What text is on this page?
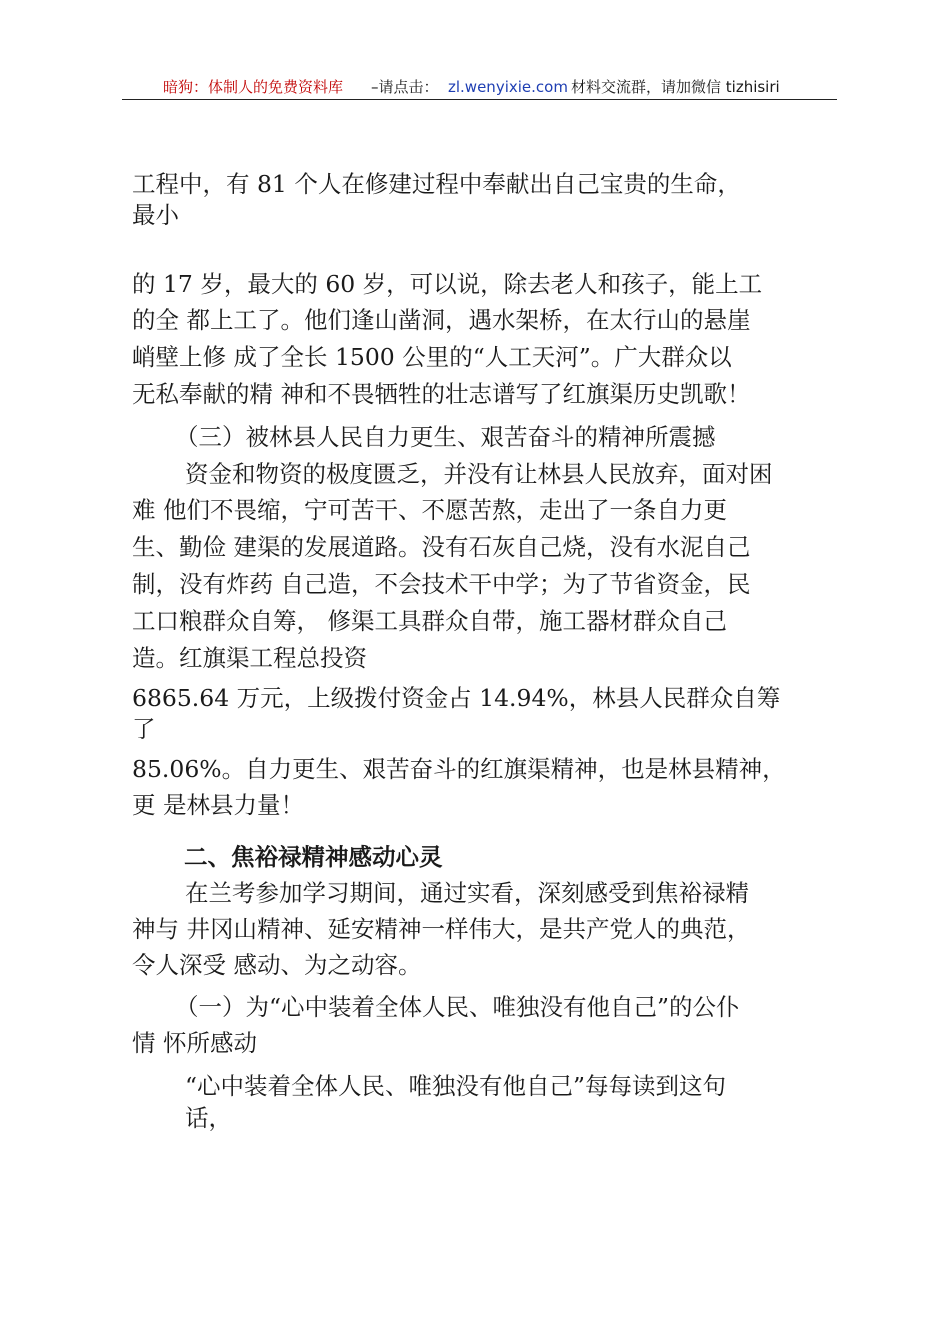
暗狗：体制人的免费资料库 –请点击： zl.wenyixie.com 材料交流群，请加微信 tizhisiri
工程中，有 81 个人在修建过程中奉献出自己宝贵的生命，
最小
的 17 岁，最大的 60 岁，可以说，除去老人和孩子，能上工
的全 都上工了。他们逢山凿洞，遇水架桥，在太行山的悬崖
峭壁上修 成了全长 1500 公里的“人工天河”。广大群众以
无私奉献的精 神和不畏牺牲的壮志谱写了红旗渠历史凯歌！
（三）被林县人民自力更生、艰苦奋斗的精神所震撼
资金和物资的极度匮乏，并没有让林县人民放弃，面对困
难 他们不畏缩，宁可苦干、不愿苦熬，走出了一条自力更
生、勤俭 建渠的发展道路。没有石灰自己烧，没有水泥自己
制，没有炸药 自己造，不会技术干中学；为了节省资金，民
工口粮群众自筹， 修渠工具群众自带，施工器材群众自己
造。红旗渠工程总投资
6865.64 万元，上级拨付资金占 14.94%，林县人民群众自筹
了
85.06%。自力更生、艰苦奋斗的红旗渠精神，也是林县精神，
更 是林县力量！
二、焦裕禄精神感动心灵
在兰考参加学习期间，通过实看，深刻感受到焦裕禄精
神与 井冈山精神、延安精神一样伟大，是共产党人的典范，
令人深受 感动、为之动容。
（一）为“心中装着全体人民、唯独没有他自己”的公仆
情 怀所感动
“心中装着全体人民、唯独没有他自己”每每读到这句
话，
